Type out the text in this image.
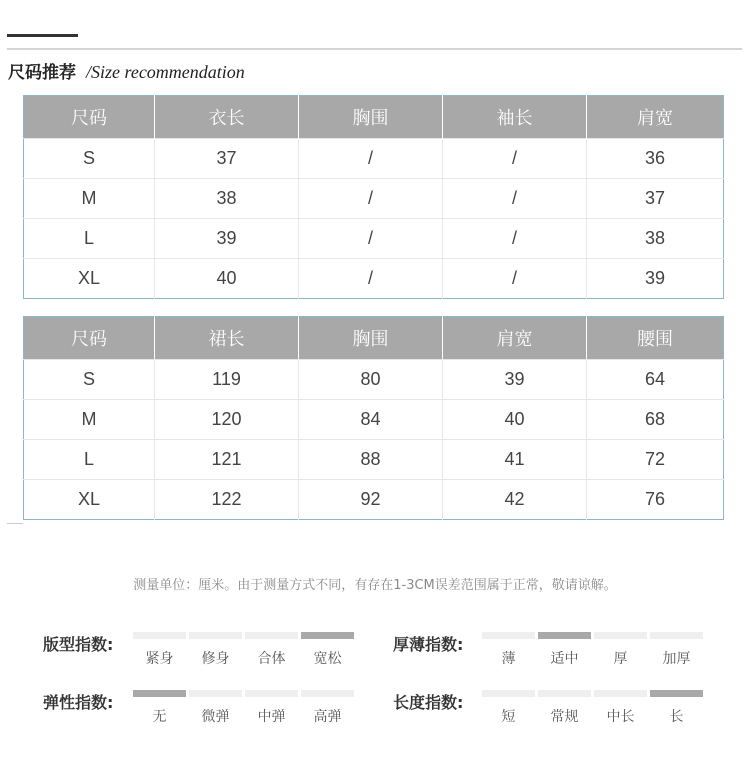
尺码推荐 /Size recommendation
尺码	衣长	胸围	袖长	肩宽
S	37	/	/	36
M	38	/	/	37
L	39	/	/	38
XL	40	/	/	39
尺码	裙长	胸围	肩宽	腰围
S	119	80	39	64
M	120	84	40	68
L	121	88	41	72
XL	122	92	42	76
测量单位：厘米。由于测量方式不同，有存在1-3CM误差范围属于正常，敬请谅解。
版型指数:
紧身	修身	合体	宽松
厚薄指数:
薄	适中	厚	加厚
弹性指数:
无	微弹	中弹	高弹
长度指数:
短	常规	中长	长
